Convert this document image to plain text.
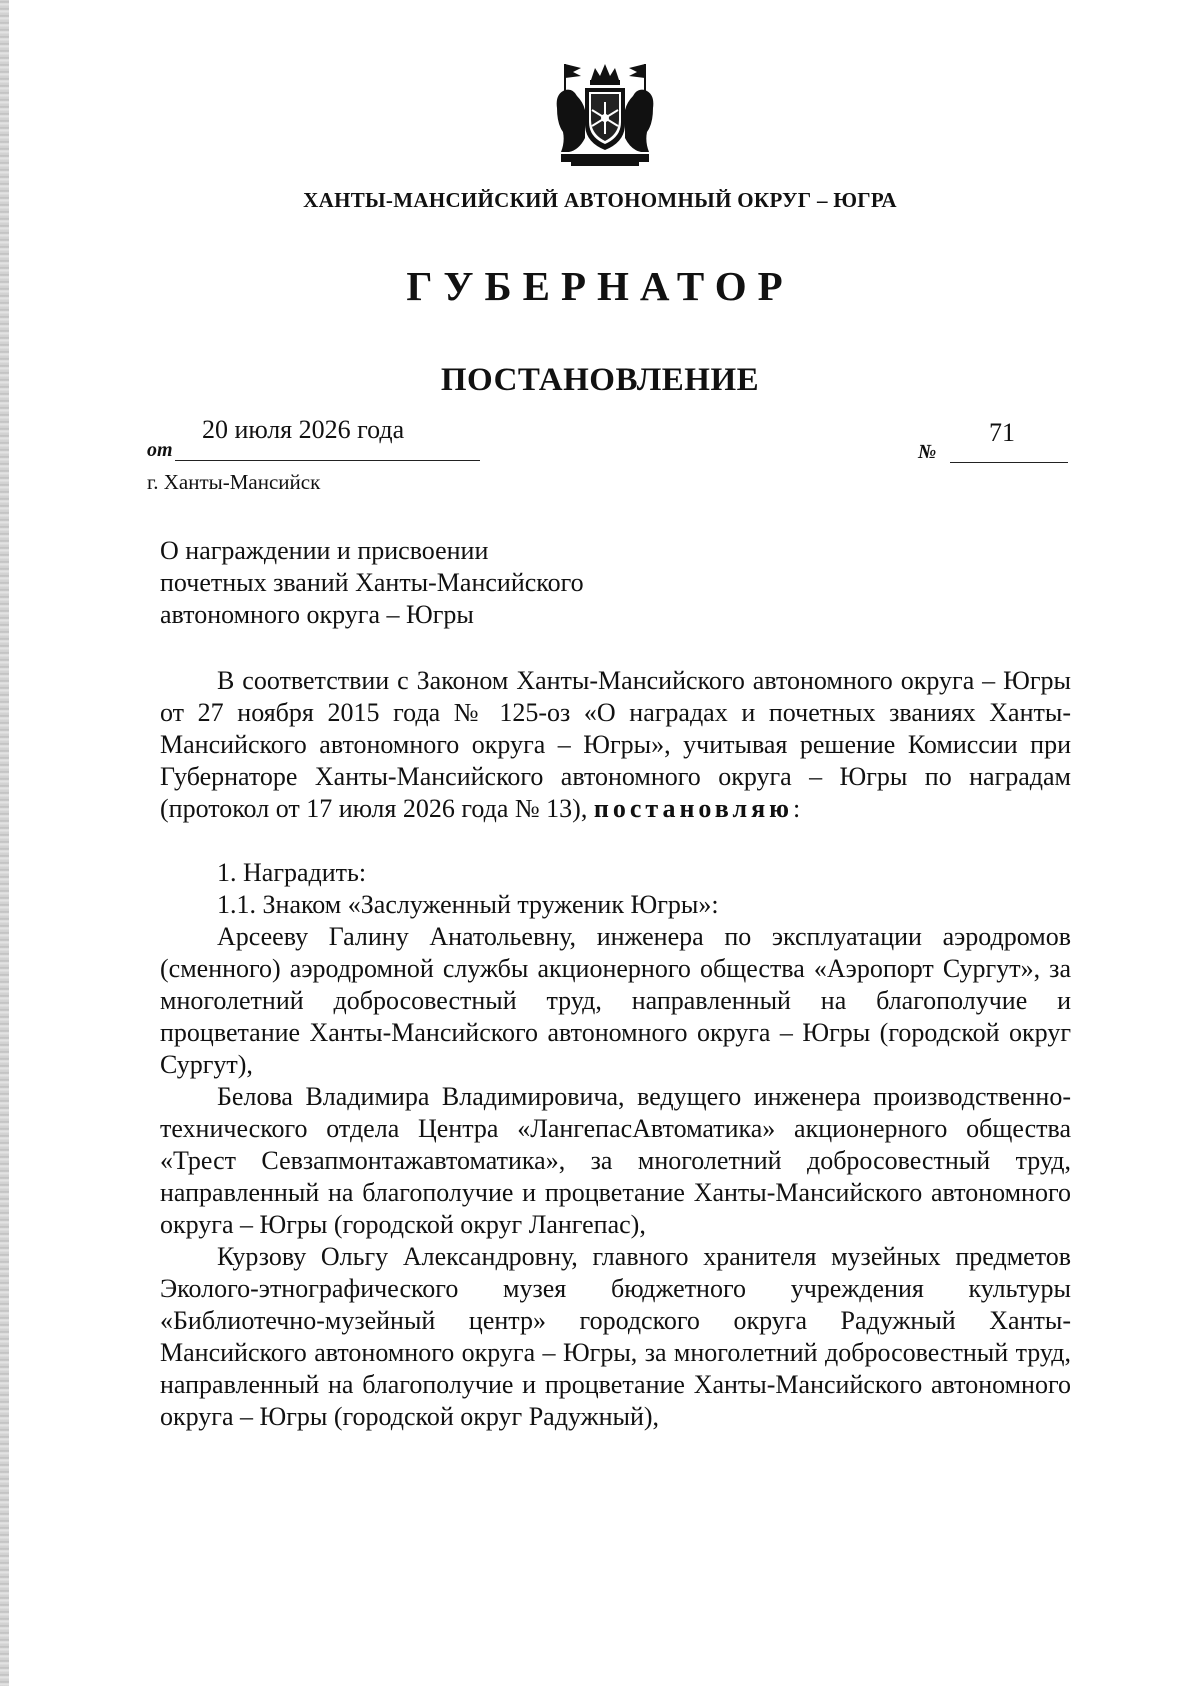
ХАНТЫ-МАНСИЙСКИЙ АВТОНОМНЫЙ ОКРУГ – ЮГРА
ГУБЕРНАТОР
ПОСТАНОВЛЕНИЕ
от
20 июля 2026 года
№
71
г. Ханты-Мансийск
О награждении и присвоении
почетных званий Ханты-Мансийского
автономного округа – Югры

В соответствии с Законом Ханты-Мансийского автономного округа – Югры от 27 ноября 2015 года № 125-оз «О наградах и почетных званиях Ханты-Мансийского автономного округа – Югры», учитывая решение Комиссии при Губернаторе Ханты-Мансийского автономного округа – Югры по наградам (протокол от 17 июля 2026 года № 13), постановляю:

1. Наградить:

1.1. Знаком «Заслуженный труженик Югры»:

Арсееву Галину Анатольевну, инженера по эксплуатации аэродромов (сменного) аэродромной службы акционерного общества «Аэропорт Сургут», за многолетний добросовестный труд, направленный на благополучие и процветание Ханты-Мансийского автономного округа – Югры (городской округ Сургут),

Белова Владимира Владимировича, ведущего инженера производственно-технического отдела Центра «ЛангепасАвтоматика» акционерного общества «Трест Севзапмонтажавтоматика», за многолетний добросовестный труд, направленный на благополучие и процветание Ханты-Мансийского автономного округа – Югры (городской округ Лангепас),

Курзову Ольгу Александровну, главного хранителя музейных предметов Эколого-этнографического музея бюджетного учреждения культуры «Библиотечно-музейный центр» городского округа Радужный Ханты-Мансийского автономного округа – Югры, за многолетний добросовестный труд, направленный на благополучие и процветание Ханты-Мансийского автономного округа – Югры (городской округ Радужный),
